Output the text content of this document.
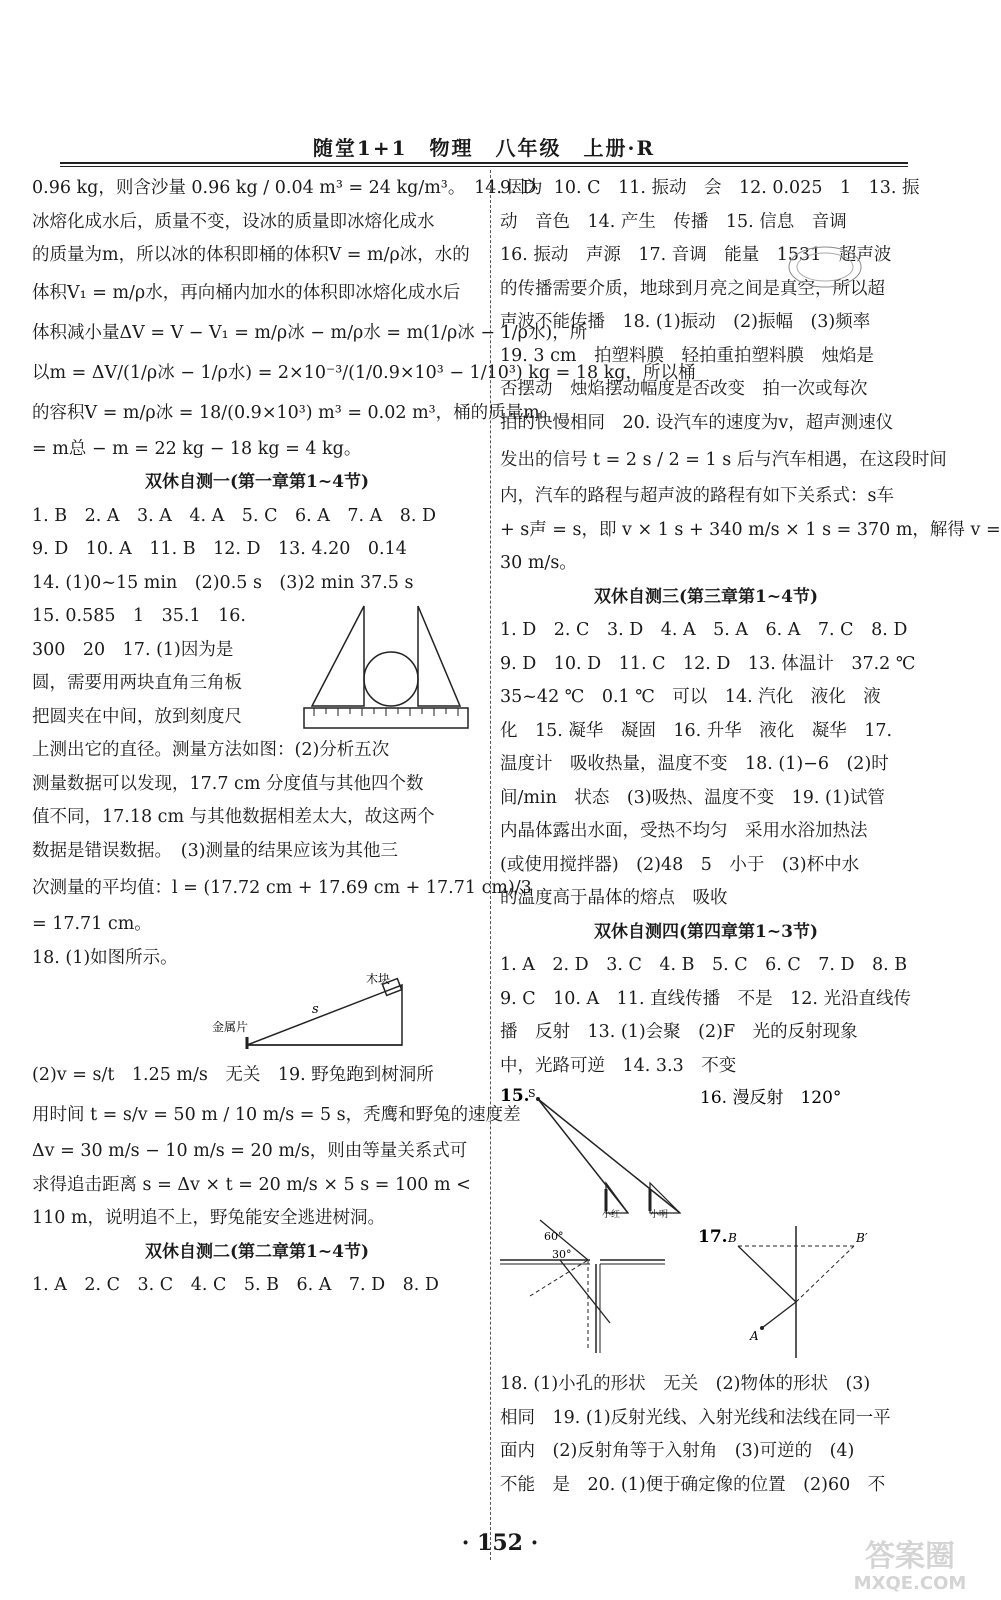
随堂1+1　物理　八年级　上册·R
0.96 kg，则含沙量 0.96 kg / 0.04 m³ = 24 kg/m³。　14. 因为
冰熔化成水后，质量不变，设冰的质量即冰熔化成水
的质量为m，所以冰的体积即桶的体积V = m/ρ冰，水的
体积V₁ = m/ρ水，再向桶内加水的体积即冰熔化成水后
体积减小量ΔV = V − V₁ = m/ρ冰 − m/ρ水 = m(1/ρ冰 − 1/ρ水)，所
以m = ΔV/(1/ρ冰 − 1/ρ水) = 2×10⁻³/(1/0.9×10³ − 1/10³) kg = 18 kg，所以桶
的容积V = m/ρ冰 = 18/(0.9×10³) m³ = 0.02 m³，桶的质量m₀
= m总 − m = 22 kg − 18 kg = 4 kg。
双休自测一(第一章第1~4节)
1. B　2. A　3. A　4. A　5. C　6. A　7. A　8. D
9. D　10. A　11. B　12. D　13. 4.20　0.14
14. (1)0~15 min　(2)0.5 s　(3)2 min 37.5 s
15. 0.585　1　35.1　16.
300　20　17. (1)因为是
圆，需要用两块直角三角板
把圆夹在中间，放到刻度尺
上测出它的直径。测量方法如图：(2)分析五次
测量数据可以发现，17.7 cm 分度值与其他四个数
值不同，17.18 cm 与其他数据相差太大，故这两个
数据是错误数据。　(3)测量的结果应该为其他三
次测量的平均值：l = (17.72 cm + 17.69 cm + 17.71 cm)/3
= 17.71 cm。
18. (1)如图所示。
木块
金属片
s
(2)v = s/t　1.25 m/s　无关　19. 野兔跑到树洞所
用时间 t = s/v = 50 m / 10 m/s = 5 s，秃鹰和野兔的速度差
Δv = 30 m/s − 10 m/s = 20 m/s，则由等量关系式可
求得追击距离 s = Δv × t = 20 m/s × 5 s = 100 m <
110 m，说明追不上，野兔能安全逃进树洞。
双休自测二(第二章第1~4节)
1. A　2. C　3. C　4. C　5. B　6. A　7. D　8. D
9. D　10. C　11. 振动　会　12. 0.025　1　13. 振
动　音色　14. 产生　传播　15. 信息　音调
16. 振动　声源　17. 音调　能量　1531　超声波
的传播需要介质，地球到月亮之间是真空，所以超
声波不能传播　18. (1)振动　(2)振幅　(3)频率
19. 3 cm　拍塑料膜　轻拍重拍塑料膜　烛焰是
否摆动　烛焰摆动幅度是否改变　拍一次或每次
拍的快慢相同　20. 设汽车的速度为v，超声测速仪
发出的信号 t = 2 s / 2 = 1 s 后与汽车相遇，在这段时间
内，汽车的路程与超声波的路程有如下关系式：s车
+ s声 = s，即 v × 1 s + 340 m/s × 1 s = 370 m，解得 v =
30 m/s。
双休自测三(第三章第1~4节)
1. D　2. C　3. D　4. A　5. A　6. A　7. C　8. D
9. D　10. D　11. C　12. D　13. 体温计　37.2 ℃
35~42 ℃　0.1 ℃　可以　14. 汽化　液化　液
化　15. 凝华　凝固　16. 升华　液化　凝华　17.
温度计　吸收热量，温度不变　18. (1)−6　(2)时
间/min　状态　(3)吸热、温度不变　19. (1)试管
内晶体露出水面，受热不均匀　采用水浴加热法
(或使用搅拌器)　(2)48　5　小于　(3)杯中水
的温度高于晶体的熔点　吸收
双休自测四(第四章第1~3节)
1. A　2. D　3. C　4. B　5. C　6. C　7. D　8. B
9. C　10. A　11. 直线传播　不是　12. 光沿直线传
播　反射　13. (1)会聚　(2)F　光的反射现象
中，光路可逆　14. 3.3　不变
15.
S
小红	小明
16. 漫反射　120°
60°
30°
17. B	B′
A
18. (1)小孔的形状　无关　(2)物体的形状　(3)
相同　19. (1)反射光线、入射光线和法线在同一平
面内　(2)反射角等于入射角　(3)可逆的　(4)
不能　是　20. (1)便于确定像的位置　(2)60　不
· 152 ·	答案圈
MXQE.COM
